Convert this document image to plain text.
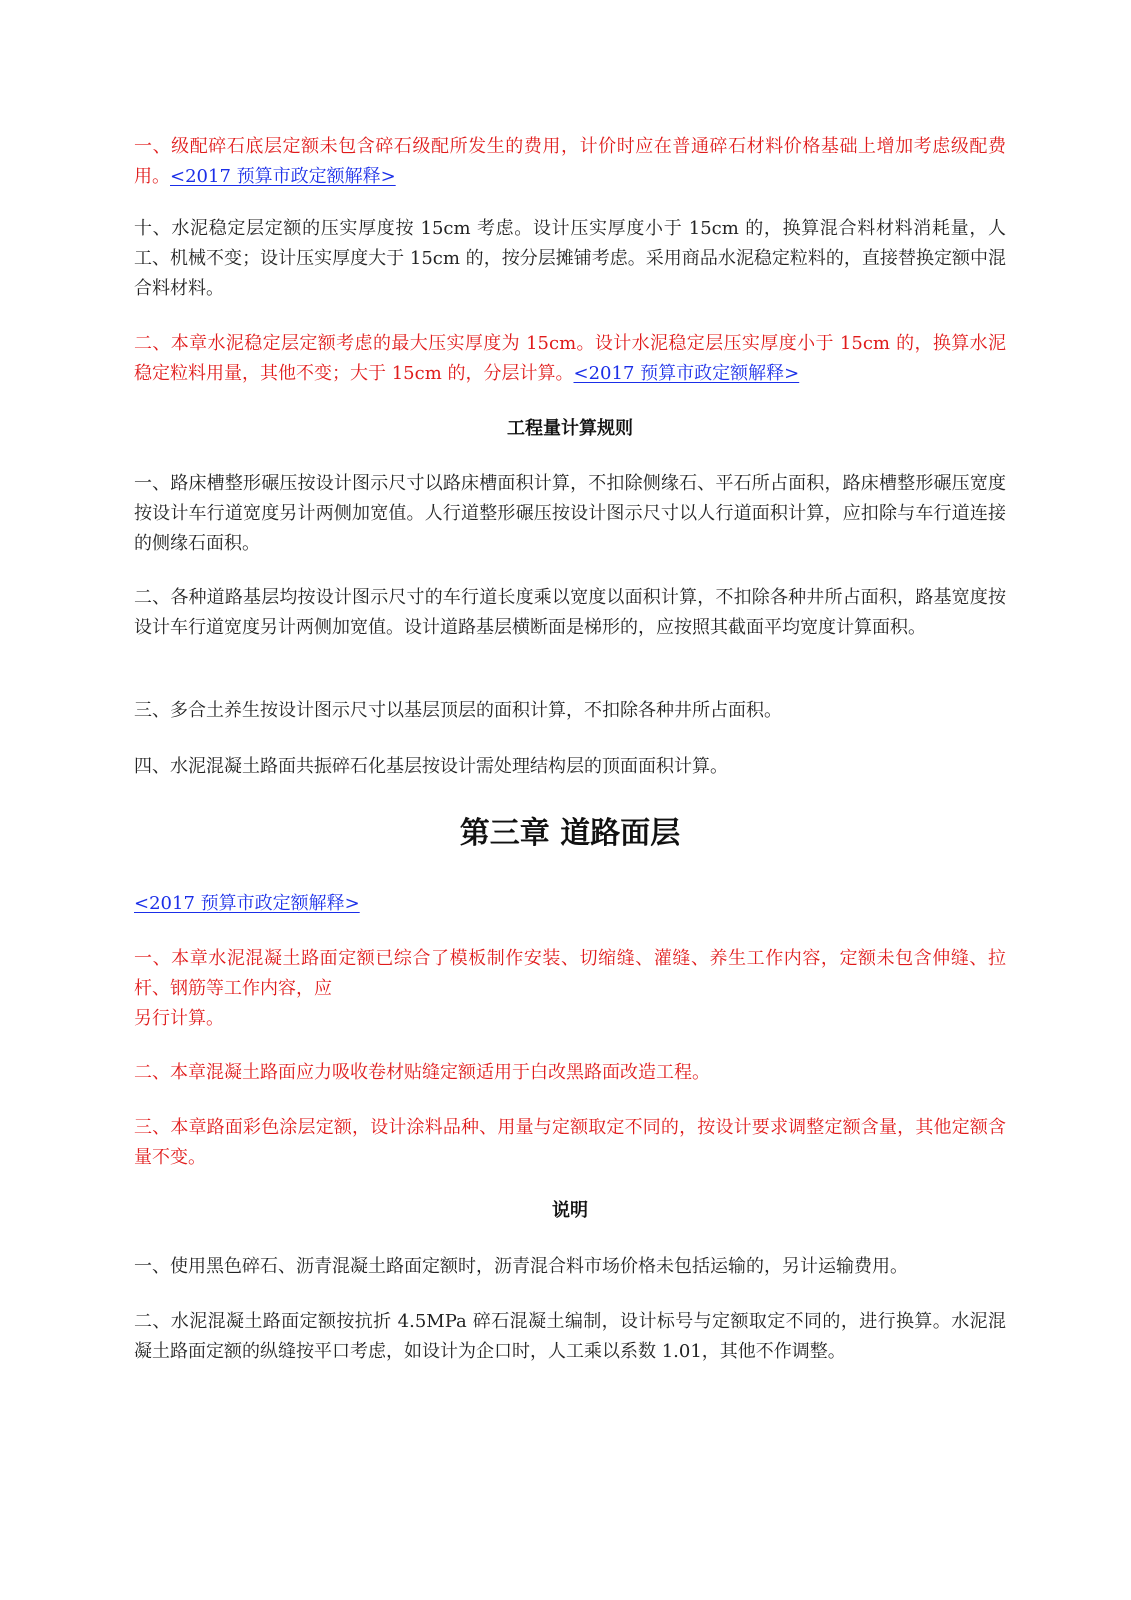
一、级配碎石底层定额未包含碎石级配所发生的费用，计价时应在普通碎石材料价格基础上增加考虑级配费用。<2017 预算市政定额解释>

十、水泥稳定层定额的压实厚度按 15cm 考虑。设计压实厚度小于 15cm 的，换算混合料材料消耗量，人工、机械不变；设计压实厚度大于 15cm 的，按分层摊铺考虑。采用商品水泥稳定粒料的，直接替换定额中混合料材料。

二、本章水泥稳定层定额考虑的最大压实厚度为 15cm。设计水泥稳定层压实厚度小于 15cm 的，换算水泥稳定粒料用量，其他不变；大于 15cm 的，分层计算。<2017 预算市政定额解释>

工程量计算规则

一、路床槽整形碾压按设计图示尺寸以路床槽面积计算，不扣除侧缘石、平石所占面积，路床槽整形碾压宽度按设计车行道宽度另计两侧加宽值。人行道整形碾压按设计图示尺寸以人行道面积计算，应扣除与车行道连接的侧缘石面积。

二、各种道路基层均按设计图示尺寸的车行道长度乘以宽度以面积计算，不扣除各种井所占面积，路基宽度按设计车行道宽度另计两侧加宽值。设计道路基层横断面是梯形的，应按照其截面平均宽度计算面积。

三、多合土养生按设计图示尺寸以基层顶层的面积计算，不扣除各种井所占面积。

四、水泥混凝土路面共振碎石化基层按设计需处理结构层的顶面面积计算。

第三章 道路面层

<2017 预算市政定额解释>

一、本章水泥混凝土路面定额已综合了模板制作安装、切缩缝、灌缝、养生工作内容，定额未包含伸缝、拉杆、钢筋等工作内容，应
另行计算。

二、本章混凝土路面应力吸收卷材贴缝定额适用于白改黑路面改造工程。

三、本章路面彩色涂层定额，设计涂料品种、用量与定额取定不同的，按设计要求调整定额含量，其他定额含量不变。

说明

一、使用黑色碎石、沥青混凝土路面定额时，沥青混合料市场价格未包括运输的，另计运输费用。

二、水泥混凝土路面定额按抗折 4.5MPa 碎石混凝土编制，设计标号与定额取定不同的，进行换算。水泥混凝土路面定额的纵缝按平口考虑，如设计为企口时，人工乘以系数 1.01，其他不作调整。
